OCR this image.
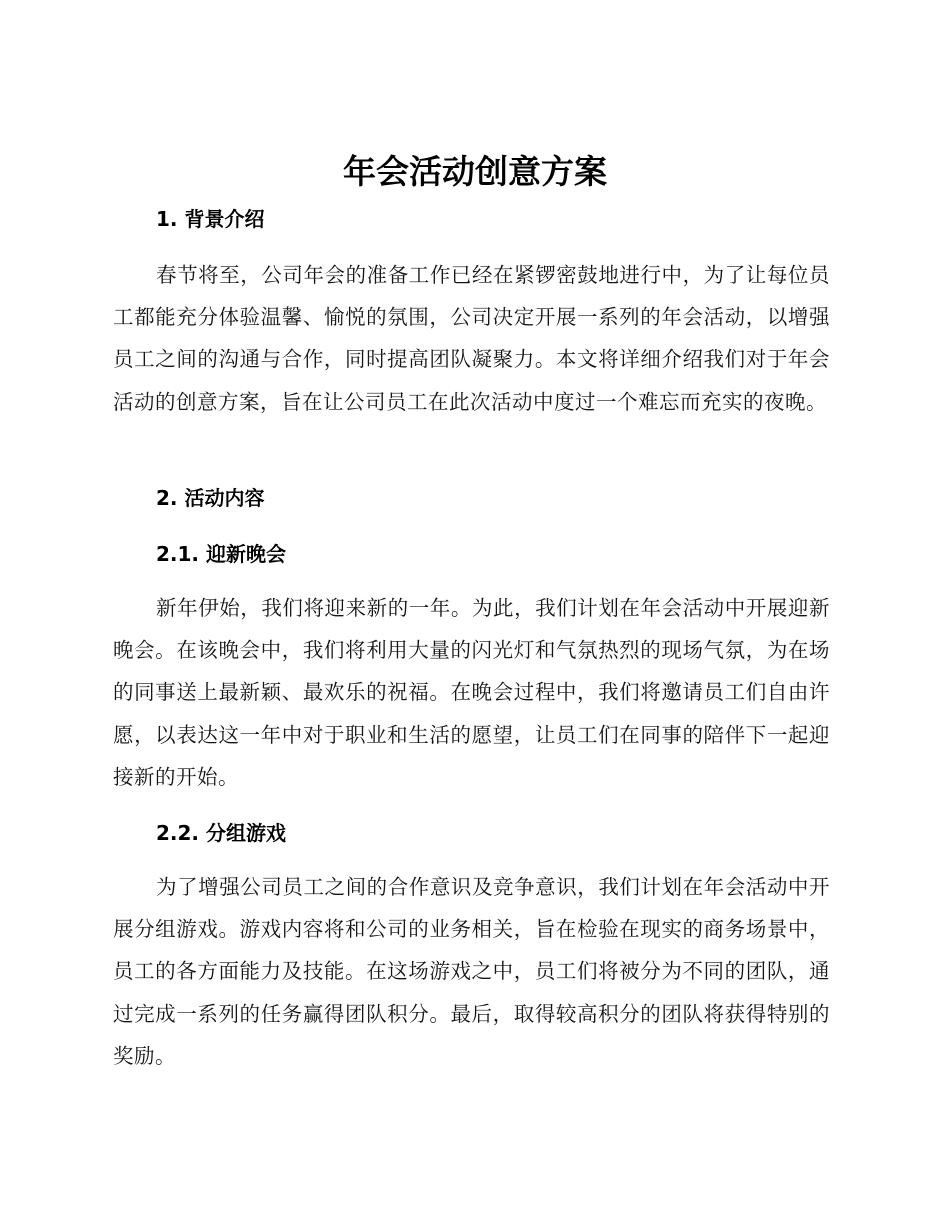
年会活动创意方案
1. 背景介绍

春节将至，公司年会的准备工作已经在紧锣密鼓地进行中，为了让每位员工都能充分体验温馨、愉悦的氛围，公司决定开展一系列的年会活动，以增强员工之间的沟通与合作，同时提高团队凝聚力。本文将详细介绍我们对于年会活动的创意方案，旨在让公司员工在此次活动中度过一个难忘而充实的夜晚。

2. 活动内容
2.1. 迎新晚会

新年伊始，我们将迎来新的一年。为此，我们计划在年会活动中开展迎新晚会。在该晚会中，我们将利用大量的闪光灯和气氛热烈的现场气氛，为在场的同事送上最新颖、最欢乐的祝福。在晚会过程中，我们将邀请员工们自由许愿，以表达这一年中对于职业和生活的愿望，让员工们在同事的陪伴下一起迎接新的开始。

2.2. 分组游戏

为了增强公司员工之间的合作意识及竞争意识，我们计划在年会活动中开展分组游戏。游戏内容将和公司的业务相关，旨在检验在现实的商务场景中，员工的各方面能力及技能。在这场游戏之中，员工们将被分为不同的团队，通过完成一系列的任务赢得团队积分。最后，取得较高积分的团队将获得特别的奖励。
